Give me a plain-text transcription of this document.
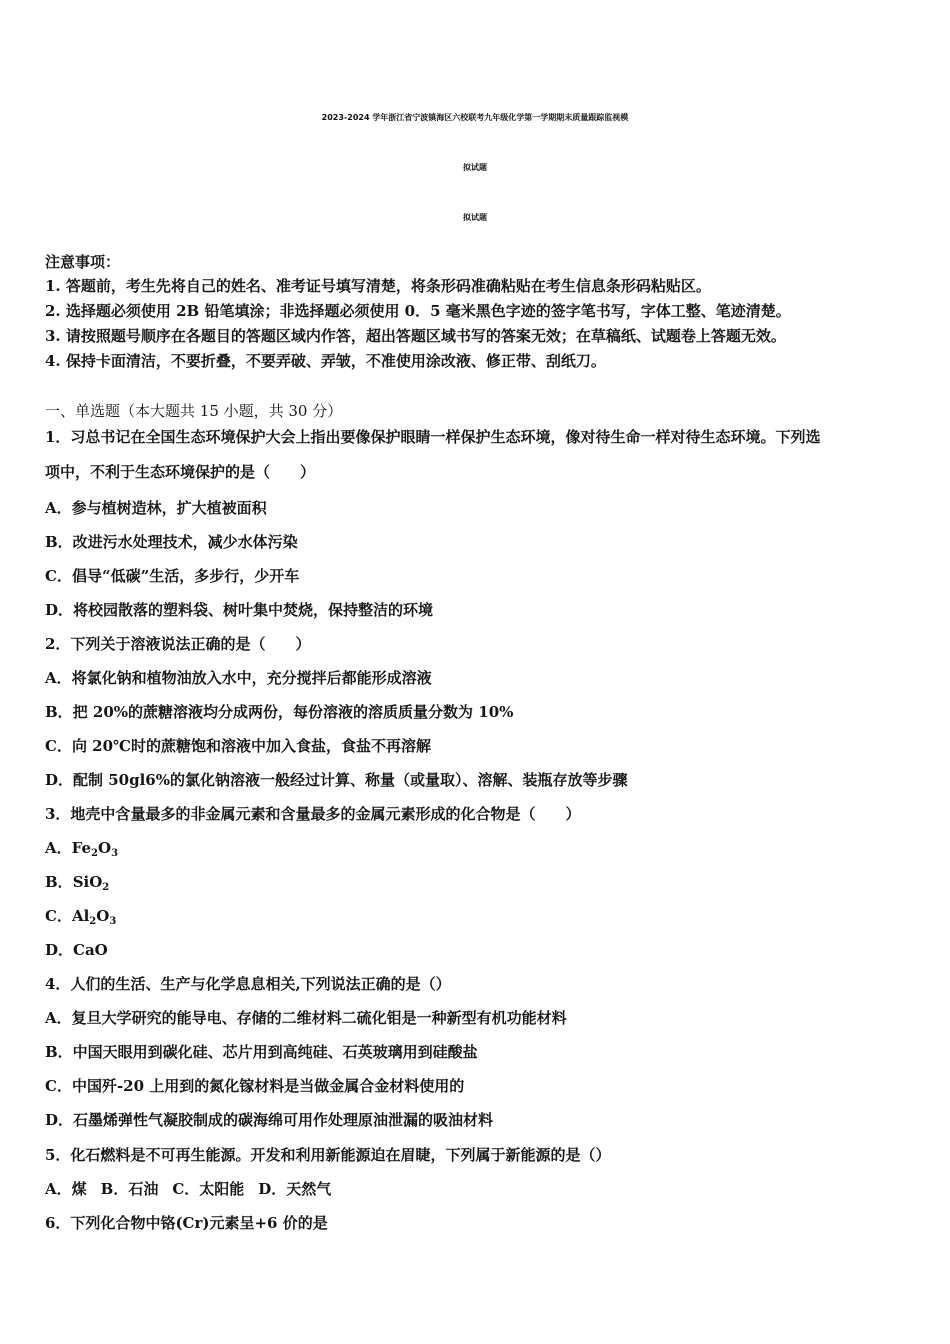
2023-2024 学年浙江省宁波镇海区六校联考九年级化学第一学期期末质量跟踪监视模
拟试题
拟试题
注意事项：
1. 答题前，考生先将自己的姓名、准考证号填写清楚，将条形码准确粘贴在考生信息条形码粘贴区。
2. 选择题必须使用 2B 铅笔填涂；非选择题必须使用 0．5 毫米黑色字迹的签字笔书写，字体工整、笔迹清楚。
3. 请按照题号顺序在各题目的答题区域内作答，超出答题区域书写的答案无效；在草稿纸、试题卷上答题无效。
4. 保持卡面清洁，不要折叠，不要弄破、弄皱，不准使用涂改液、修正带、刮纸刀。
一、单选题（本大题共 15 小题，共 30 分）
1．习总书记在全国生态环境保护大会上指出要像保护眼睛一样保护生态环境，像对待生命一样对待生态环境。下列选
项中，不利于生态环境保护的是（　　）
A．参与植树造林，扩大植被面积
B．改进污水处理技术，减少水体污染
C．倡导“低碳”生活，多步行，少开车
D．将校园散落的塑料袋、树叶集中焚烧，保持整洁的环境
2．下列关于溶液说法正确的是（　　）
A．将氯化钠和植物油放入水中，充分搅拌后都能形成溶液
B．把 20%的蔗糖溶液均分成两份，每份溶液的溶质质量分数为 10%
C．向 20℃时的蔗糖饱和溶液中加入食盐，食盐不再溶解
D．配制 50gl6%的氯化钠溶液一般经过计算、称量（或量取）、溶解、装瓶存放等步骤
3．地壳中含量最多的非金属元素和含量最多的金属元素形成的化合物是（　　）
A．$Fe_2O_3$
B．SiO$_2$
C．$Al_2O_3$
D．CaO
4．人们的生活、生产与化学息息相关,下列说法正确的是（）
A．复旦大学研究的能导电、存储的二维材料二硫化钼是一种新型有机功能材料
B．中国天眼用到碳化硅、芯片用到高纯硅、石英玻璃用到硅酸盐
C．中国歼-20 上用到的氮化镓材料是当做金属合金材料使用的
D．石墨烯弹性气凝胶制成的碳海绵可用作处理原油泄漏的吸油材料
5．化石燃料是不可再生能源。开发和利用新能源迫在眉睫，下列属于新能源的是（）
A．煤 B．石油 C．太阳能 D．天然气
6．下列化合物中铬(Cr)元素呈+6 价的是
